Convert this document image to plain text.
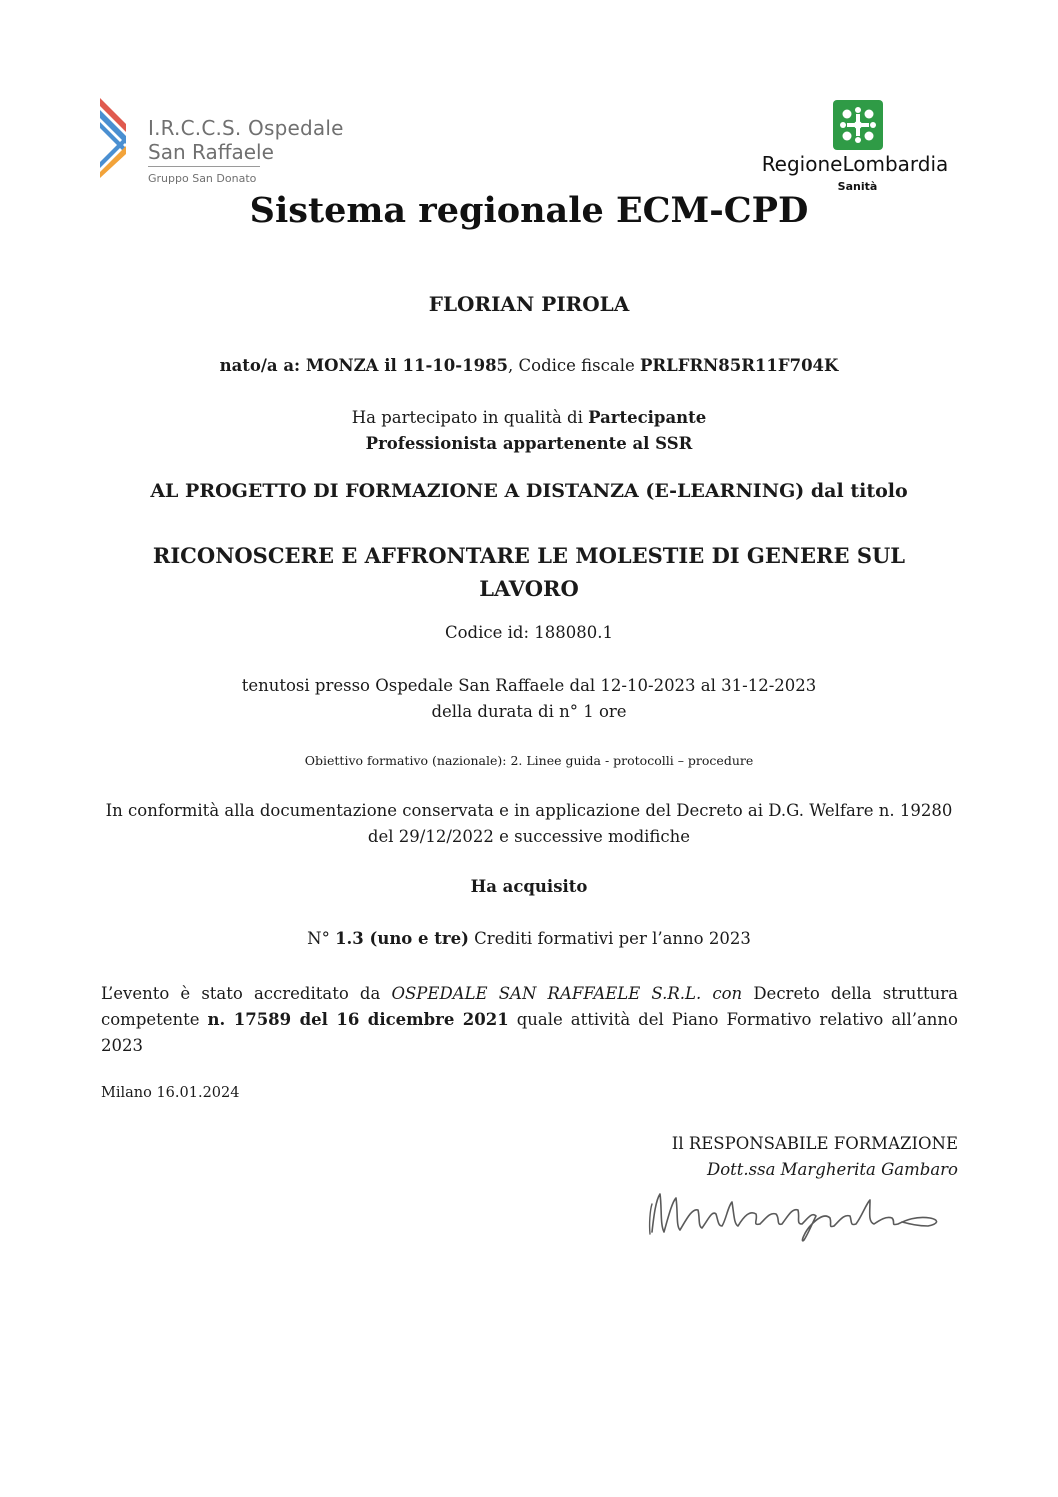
I.R.C.C.S. Ospedale
San Raffaele
Gruppo San Donato
RegioneLombardia
Sanità
Sistema regionale ECM-CPD
FLORIAN PIROLA
nato/a a: MONZA il 11-10-1985, Codice fiscale PRLFRN85R11F704K
Ha partecipato in qualità di Partecipante
Professionista appartenente al SSR
AL PROGETTO DI FORMAZIONE A DISTANZA (E-LEARNING) dal titolo
RICONOSCERE E AFFRONTARE LE MOLESTIE DI GENERE SUL LAVORO
Codice id: 188080.1
tenutosi presso Ospedale San Raffaele dal 12-10-2023 al 31-12-2023
della durata di n° 1 ore
Obiettivo formativo (nazionale): 2. Linee guida - protocolli – procedure
In conformità alla documentazione conservata e in applicazione del Decreto ai D.G. Welfare n. 19280 del 29/12/2022 e successive modifiche
Ha acquisito
N° 1.3 (uno e tre) Crediti formativi per l’anno 2023
L’evento è stato accreditato da OSPEDALE SAN RAFFAELE S.R.L. con Decreto della struttura competente n. 17589 del 16 dicembre 2021 quale attività del Piano Formativo relativo all’anno 2023
Milano 16.01.2024
Il RESPONSABILE FORMAZIONE
Dott.ssa Margherita Gambaro
